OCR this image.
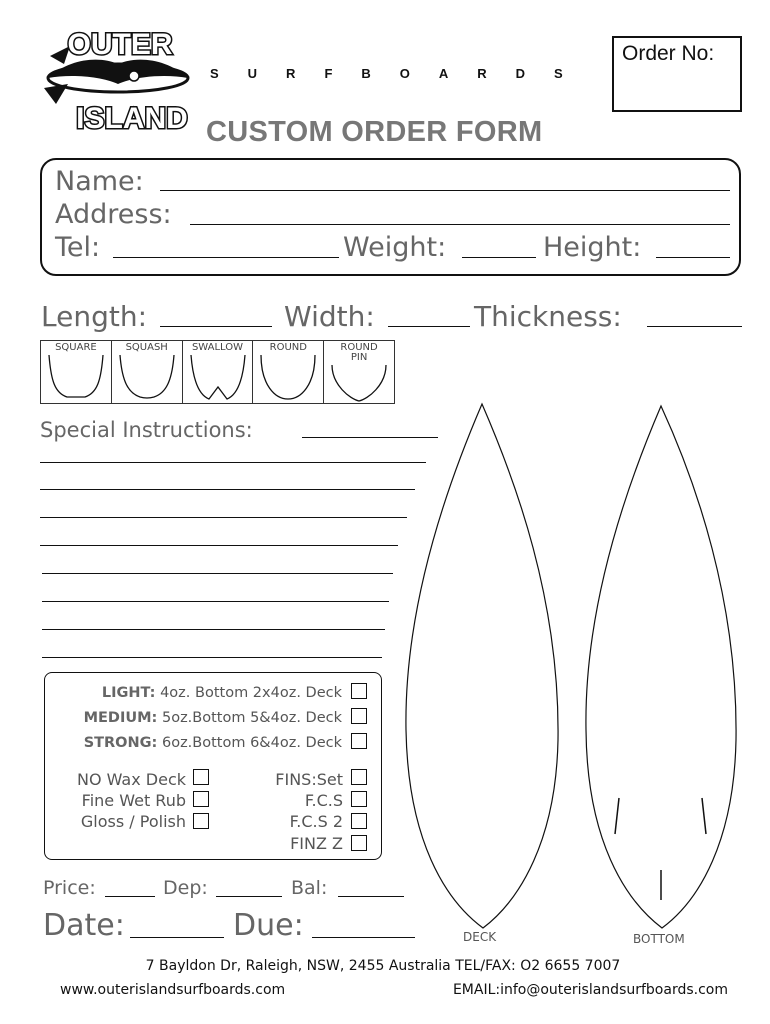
OUTER
ISLAND
SURFBOARDS
Order No:
CUSTOM ORDER FORM
Name:
Address:
Tel:	Weight:	Height:
Length:	Width:	Thickness:
SQUARE	SQUASH	SWALLOW	ROUND	ROUND PIN
Special Instructions:
LIGHT: 4oz. Bottom 2x4oz. Deck
MEDIUM: 5oz.Bottom 5&4oz. Deck
STRONG: 6oz.Bottom 6&4oz. Deck
NO Wax Deck
Fine Wet Rub
Gloss / Polish
FINS:Set
F.C.S
F.C.S 2
FINZ Z
Price:	Dep:	Bal:
Date:	Due:	DECK	BOTTOM
7 Bayldon Dr, Raleigh, NSW, 2455 Australia TEL/FAX: O2 6655 7007
www.outerislandsurfboards.com	EMAIL:info@outerislandsurfboards.com
